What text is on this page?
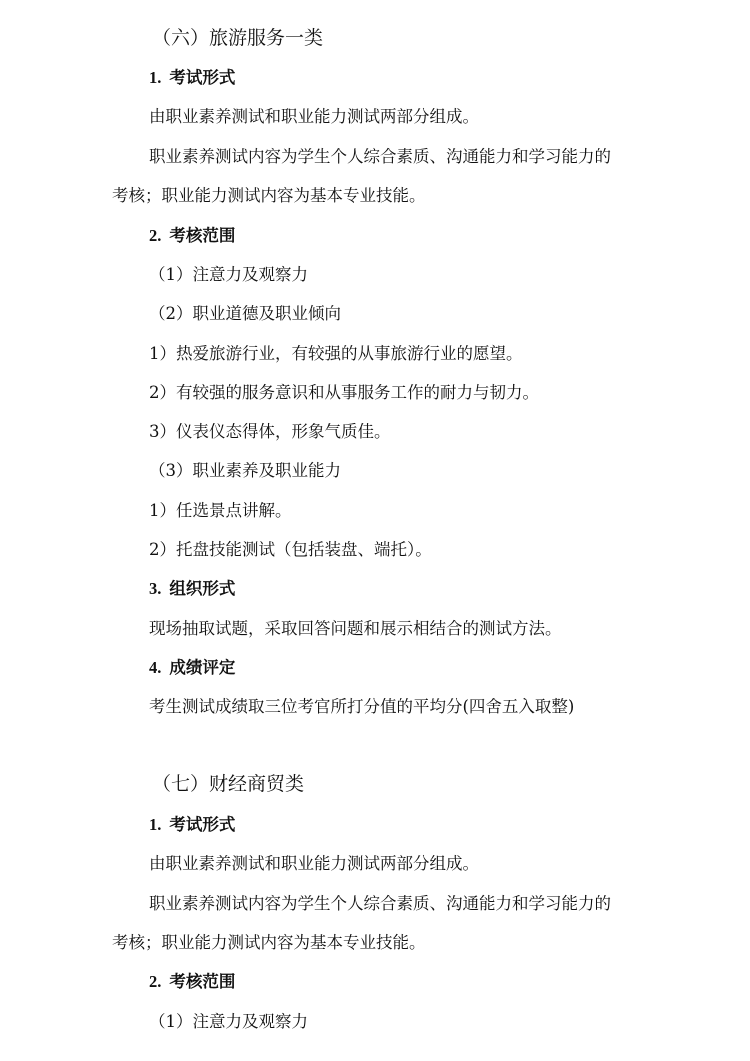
（六）旅游服务一类
1. 考试形式
由职业素养测试和职业能力测试两部分组成。
职业素养测试内容为学生个人综合素质、沟通能力和学习能力的
考核；职业能力测试内容为基本专业技能。
2. 考核范围
（1）注意力及观察力
（2）职业道德及职业倾向
1）热爱旅游行业，有较强的从事旅游行业的愿望。
2）有较强的服务意识和从事服务工作的耐力与韧力。
3）仪表仪态得体，形象气质佳。
（3）职业素养及职业能力
1）任选景点讲解。
2）托盘技能测试（包括装盘、端托）。
3. 组织形式
现场抽取试题，采取回答问题和展示相结合的测试方法。
4. 成绩评定
考生测试成绩取三位考官所打分值的平均分(四舍五入取整)
（七）财经商贸类
1. 考试形式
由职业素养测试和职业能力测试两部分组成。
职业素养测试内容为学生个人综合素质、沟通能力和学习能力的
考核；职业能力测试内容为基本专业技能。
2. 考核范围
（1）注意力及观察力
